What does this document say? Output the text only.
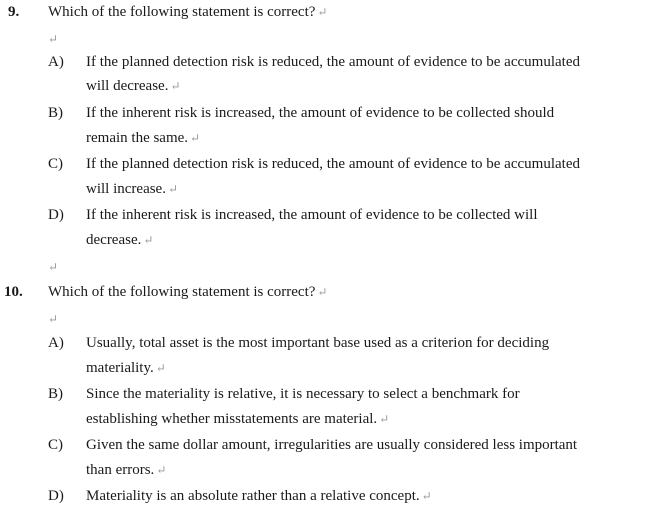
9. Which of the following statement is correct? ↵
↵
A) If the planned detection risk is reduced, the amount of evidence to be accumulated
will decrease. ↵
B) If the inherent risk is increased, the amount of evidence to be collected should
remain the same. ↵
C) If the planned detection risk is reduced, the amount of evidence to be accumulated
will increase. ↵
D) If the inherent risk is increased, the amount of evidence to be collected will
decrease. ↵
↵
10. Which of the following statement is correct? ↵
↵
A) Usually, total asset is the most important base used as a criterion for deciding
materiality. ↵
B) Since the materiality is relative, it is necessary to select a benchmark for
establishing whether misstatements are material. ↵
C) Given the same dollar amount, irregularities are usually considered less important
than errors. ↵
D) Materiality is an absolute rather than a relative concept. ↵
